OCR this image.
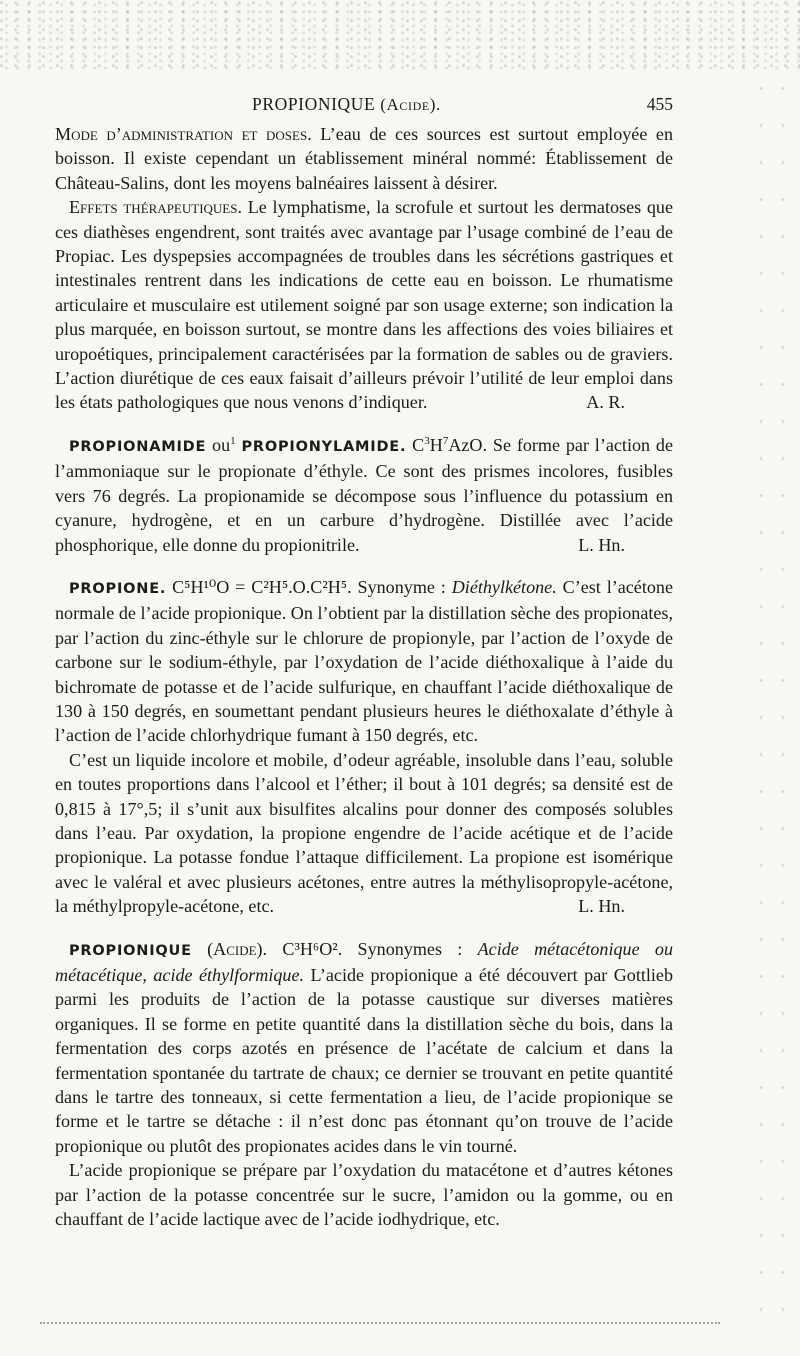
PROPIONIQUE (Acide).	455

Mode d’administration et doses. L’eau de ces sources est surtout employée en boisson. Il existe cependant un établissement minéral nommé: Établissement de Château-Salins, dont les moyens balnéaires laissent à désirer.

Effets thérapeutiques. Le lymphatisme, la scrofule et surtout les dermatoses que ces diathèses engendrent, sont traités avec avantage par l’usage combiné de l’eau de Propiac. Les dyspepsies accompagnées de troubles dans les sécrétions gastriques et intestinales rentrent dans les indications de cette eau en boisson. Le rhumatisme articulaire et musculaire est utilement soigné par son usage externe; son indication la plus marquée, en boisson surtout, se montre dans les affections des voies biliaires et uropoétiques, principalement caractérisées par la formation de sables ou de graviers. L’action diurétique de ces eaux faisait d’ailleurs prévoir l’utilité de leur emploi dans les états pathologiques que nous venons d’indiquer.	A. R.

PROPIONAMIDE $ou^1$ PROPIONYLAMIDE. $C^3H^7AzO$. Se forme par l’action de l’ammoniaque sur le propionate d’éthyle. Ce sont des prismes incolores, fusibles vers 76 degrés. La propionamide se décompose sous l’influence du potassium en cyanure, hydrogène, et en un carbure d’hydrogène. Distillée avec l’acide phosphorique, elle donne du propionitrile.	L. Hn.

PROPIONE. C⁵H¹⁰O = C²H⁵.O.C²H⁵. Synonyme : Diéthylkétone. C’est l’acétone normale de l’acide propionique. On l’obtient par la distillation sèche des propionates, par l’action du zinc-éthyle sur le chlorure de propionyle, par l’action de l’oxyde de carbone sur le sodium-éthyle, par l’oxydation de l’acide diéthoxalique à l’aide du bichromate de potasse et de l’acide sulfurique, en chauffant l’acide diéthoxalique de 130 à 150 degrés, en soumettant pendant plusieurs heures le diéthoxalate d’éthyle à l’action de l’acide chlorhydrique fumant à 150 degrés, etc.

C’est un liquide incolore et mobile, d’odeur agréable, insoluble dans l’eau, soluble en toutes proportions dans l’alcool et l’éther; il bout à 101 degrés; sa densité est de 0,815 à 17°,5; il s’unit aux bisulfites alcalins pour donner des composés solubles dans l’eau. Par oxydation, la propione engendre de l’acide acétique et de l’acide propionique. La potasse fondue l’attaque difficilement. La propione est isomérique avec le valéral et avec plusieurs acétones, entre autres la méthylisopropyle-acétone, la méthylpropyle-acétone, etc.	L. Hn.

PROPIONIQUE (Acide). C³H⁶O². Synonymes : Acide métacétonique ou métacétique, acide éthylformique. L’acide propionique a été découvert par Gottlieb parmi les produits de l’action de la potasse caustique sur diverses matières organiques. Il se forme en petite quantité dans la distillation sèche du bois, dans la fermentation des corps azotés en présence de l’acétate de calcium et dans la fermentation spontanée du tartrate de chaux; ce dernier se trouvant en petite quantité dans le tartre des tonneaux, si cette fermentation a lieu, de l’acide propionique se forme et le tartre se détache : il n’est donc pas étonnant qu’on trouve de l’acide propionique ou plutôt des propionates acides dans le vin tourné.

L’acide propionique se prépare par l’oxydation du matacétone et d’autres kétones par l’action de la potasse concentrée sur le sucre, l’amidon ou la gomme, ou en chauffant de l’acide lactique avec de l’acide iodhydrique, etc.
